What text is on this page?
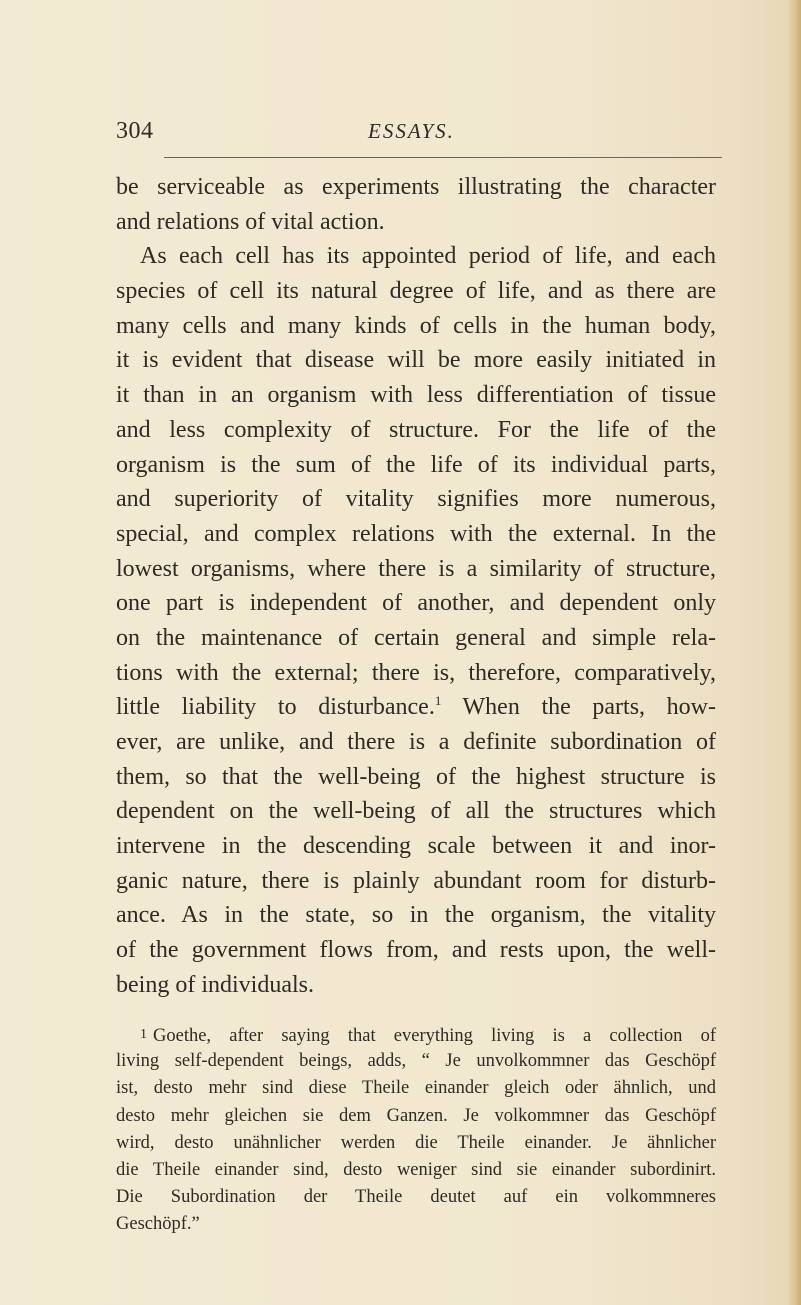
304	ESSAYS.
be serviceable as experiments illustrating the character
and relations of vital action.
As each cell has its appointed period of life, and each
species of cell its natural degree of life, and as there are
many cells and many kinds of cells in the human body,
it is evident that disease will be more easily initiated in
it than in an organism with less differentiation of tissue
and less complexity of structure. For the life of the
organism is the sum of the life of its individual parts,
and superiority of vitality signifies more numerous,
special, and complex relations with the external. In the
lowest organisms, where there is a similarity of structure,
one part is independent of another, and dependent only
on the maintenance of certain general and simple rela-
tions with the external; there is, therefore, comparatively,
little liability to disturbance.$^1$ When the parts, how-
ever, are unlike, and there is a definite subordination of
them, so that the well-being of the highest structure is
dependent on the well-being of all the structures which
intervene in the descending scale between it and inor-
ganic nature, there is plainly abundant room for disturb-
ance. As in the state, so in the organism, the vitality
of the government flows from, and rests upon, the well-
being of individuals.
1 Goethe, after saying that everything living is a collection of
living self-dependent beings, adds, “ Je unvolkommner das Geschöpf
ist, desto mehr sind diese Theile einander gleich oder ähnlich, und
desto mehr gleichen sie dem Ganzen. Je volkommner das Geschöpf
wird, desto unähnlicher werden die Theile einander. Je ähnlicher
die Theile einander sind, desto weniger sind sie einander subordinirt.
Die Subordination der Theile deutet auf ein volkommneres
Geschöpf.”
